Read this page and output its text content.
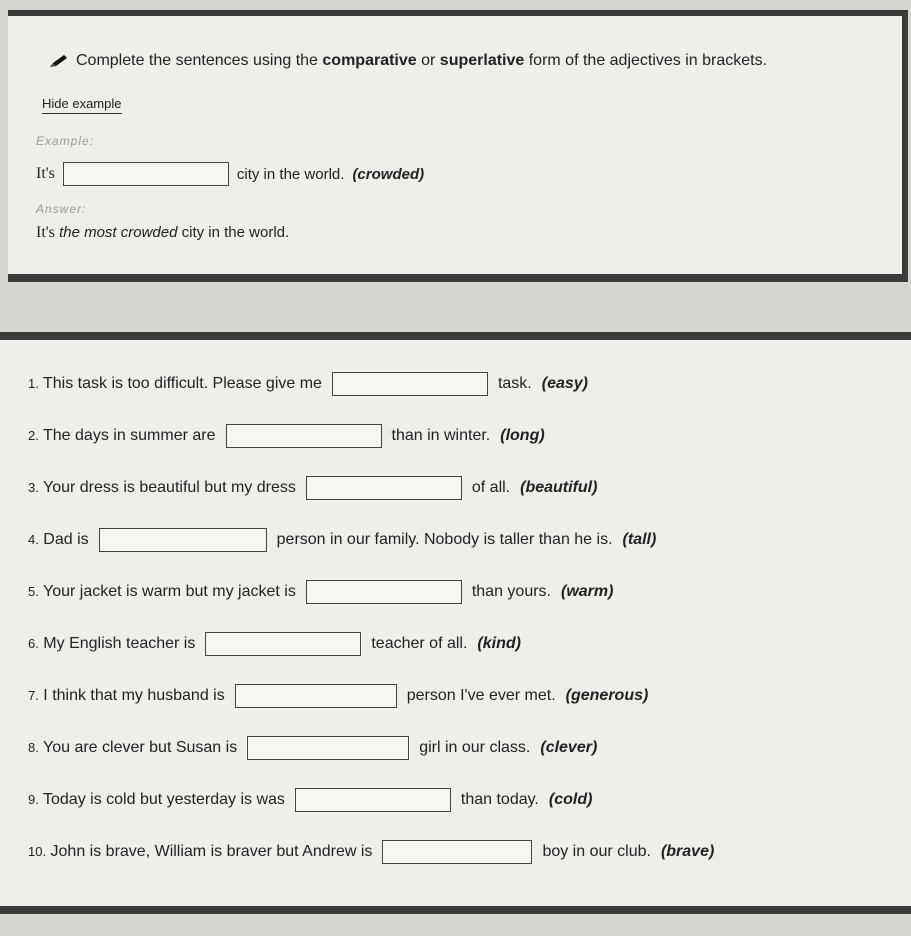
Complete the sentences using the comparative or superlative form of the adjectives in brackets.
Hide example
Example:
It's	city in the world. (crowded)
Answer:
It's the most crowded city in the world.
1. This task is too difficult. Please give me	task. (easy)
2. The days in summer are	than in winter. (long)
3. Your dress is beautiful but my dress	of all. (beautiful)
4. Dad is	person in our family. Nobody is taller than he is. (tall)
5. Your jacket is warm but my jacket is	than yours. (warm)
6. My English teacher is	teacher of all. (kind)
7. I think that my husband is	person I've ever met. (generous)
8. You are clever but Susan is	girl in our class. (clever)
9. Today is cold but yesterday is was	than today. (cold)
10. John is brave, William is braver but Andrew is	boy in our club. (brave)
